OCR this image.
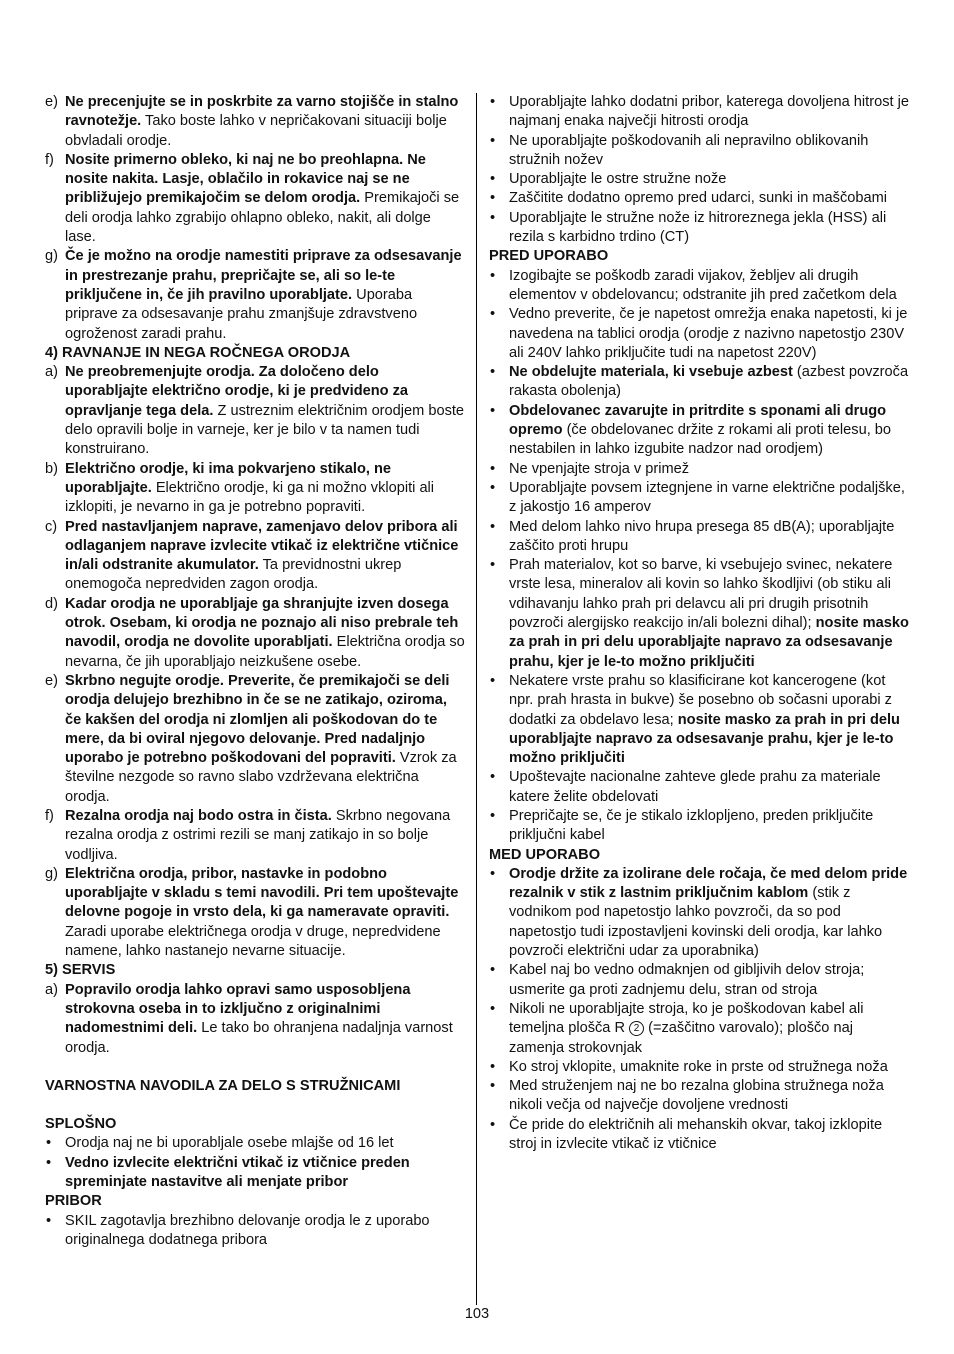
e) Ne precenjujte se in poskrbite za varno stojišče in stalno ravnotežje. Tako boste lahko v nepričakovani situaciji bolje obvladali orodje.
f) Nosite primerno obleko, ki naj ne bo preohlapna. Ne nosite nakita. Lasje, oblačilo in rokavice naj se ne približujejo premikajočim se delom orodja. Premikajoči se deli orodja lahko zgrabijo ohlapno obleko, nakit, ali dolge lase.
g) Če je možno na orodje namestiti priprave za odsesavanje in prestrezanje prahu, prepričajte se, ali so le-te priključene in, če jih pravilno uporabljate. Uporaba priprave za odsesavanje prahu zmanjšuje zdravstveno ogroženost zaradi prahu.
4) RAVNANJE IN NEGA ROČNEGA ORODJA
a) Ne preobremenjujte orodja. Za določeno delo uporabljajte električno orodje, ki je predvideno za opravljanje tega dela. Z ustreznim električnim orodjem boste delo opravili bolje in varneje, ker je bilo v ta namen tudi konstruirano.
b) Električno orodje, ki ima pokvarjeno stikalo, ne uporabljajte. Električno orodje, ki ga ni možno vklopiti ali izklopiti, je nevarno in ga je potrebno popraviti.
c) Pred nastavljanjem naprave, zamenjavo delov pribora ali odlaganjem naprave izvlecite vtikač iz električne vtičnice in/ali odstranite akumulator. Ta previdnostni ukrep onemogoča nepredviden zagon orodja.
d) Kadar orodja ne uporabljaje ga shranjujte izven dosega otrok. Osebam, ki orodja ne poznajo ali niso prebrale teh navodil, orodja ne dovolite uporabljati. Električna orodja so nevarna, če jih uporabljajo neizkušene osebe.
e) Skrbno negujte orodje. Preverite, če premikajoči se deli orodja delujejo brezhibno in če se ne zatikajo, oziroma, če kakšen del orodja ni zlomljen ali poškodovan do te mere, da bi oviral njegovo delovanje. Pred nadaljnjo uporabo je potrebno poškodovani del popraviti. Vzrok za številne nezgode so ravno slabo vzdrževana električna orodja.
f) Rezalna orodja naj bodo ostra in čista. Skrbno negovana rezalna orodja z ostrimi rezili se manj zatikajo in so bolje vodljiva.
g) Električna orodja, pribor, nastavke in podobno uporabljajte v skladu s temi navodili. Pri tem upoštevajte delovne pogoje in vrsto dela, ki ga nameravate opraviti. Zaradi uporabe električnega orodja v druge, nepredvidene namene, lahko nastanejo nevarne situacije.
5) SERVIS
a) Popravilo orodja lahko opravi samo usposobljena strokovna oseba in to izključno z originalnimi nadomestnimi deli. Le tako bo ohranjena nadaljnja varnost orodja.
VARNOSTNA NAVODILA ZA DELO S STRUŽNICAMI
SPLOŠNO
• Orodja naj ne bi uporabljale osebe mlajše od 16 let
• Vedno izvlecite električni vtikač iz vtičnice preden spreminjate nastavitve ali menjate pribor
PRIBOR
• SKIL zagotavlja brezhibno delovanje orodja le z uporabo originalnega dodatnega pribora
• Uporabljajte lahko dodatni pribor, katerega dovoljena hitrost je najmanj enaka največji hitrosti orodja
• Ne uporabljajte poškodovanih ali nepravilno oblikovanih stružnih nožev
• Uporabljajte le ostre stružne nože
• Zaščitite dodatno opremo pred udarci, sunki in maščobami
• Uporabljajte le stružne nože iz hitroreznega jekla (HSS) ali rezila s karbidno trdino (CT)
PRED UPORABO
• Izogibajte se poškodb zaradi vijakov, žebljev ali drugih elementov v obdelovancu; odstranite jih pred začetkom dela
• Vedno preverite, če je napetost omrežja enaka napetosti, ki je navedena na tablici orodja (orodje z nazivno napetostjo 230V ali 240V lahko priključite tudi na napetost 220V)
• Ne obdelujte materiala, ki vsebuje azbest (azbest povzroča rakasta obolenja)
• Obdelovanec zavarujte in pritrdite s sponami ali drugo opremo (če obdelovanec držite z rokami ali proti telesu, bo nestabilen in lahko izgubite nadzor nad orodjem)
• Ne vpenjajte stroja v primež
• Uporabljajte povsem iztegnjene in varne električne podaljške, z jakostjo 16 amperov
• Med delom lahko nivo hrupa presega 85 dB(A); uporabljajte zaščito proti hrupu
• Prah materialov, kot so barve, ki vsebujejo svinec, nekatere vrste lesa, mineralov ali kovin so lahko škodljivi (ob stiku ali vdihavanju lahko prah pri delavcu ali pri drugih prisotnih povzroči alergijsko reakcijo in/ali bolezni dihal); nosite masko za prah in pri delu uporabljajte napravo za odsesavanje prahu, kjer je le-to možno priključiti
• Nekatere vrste prahu so klasificirane kot kancerogene (kot npr. prah hrasta in bukve) še posebno ob sočasni uporabi z dodatki za obdelavo lesa; nosite masko za prah in pri delu uporabljajte napravo za odsesavanje prahu, kjer je le-to možno priključiti
• Upoštevajte nacionalne zahteve glede prahu za materiale katere želite obdelovati
• Prepričajte se, če je stikalo izklopljeno, preden priključite priključni kabel
MED UPORABO
• Orodje držite za izolirane dele ročaja, če med delom pride rezalnik v stik z lastnim priključnim kablom (stik z vodnikom pod napetostjo lahko povzroči, da so pod napetostjo tudi izpostavljeni kovinski deli orodja, kar lahko povzroči električni udar za uporabnika)
• Kabel naj bo vedno odmaknjen od gibljivih delov stroja; usmerite ga proti zadnjemu delu, stran od stroja
• Nikoli ne uporabljajte stroja, ko je poškodovan kabel ali temeljna plošča R 2 (=zaščitno varovalo); ploščo naj zamenja strokovnjak
• Ko stroj vklopite, umaknite roke in prste od stružnega noža
• Med struženjem naj ne bo rezalna globina stružnega noža nikoli večja od največje dovoljene vrednosti
• Če pride do električnih ali mehanskih okvar, takoj izklopite stroj in izvlecite vtikač iz vtičnice
103
